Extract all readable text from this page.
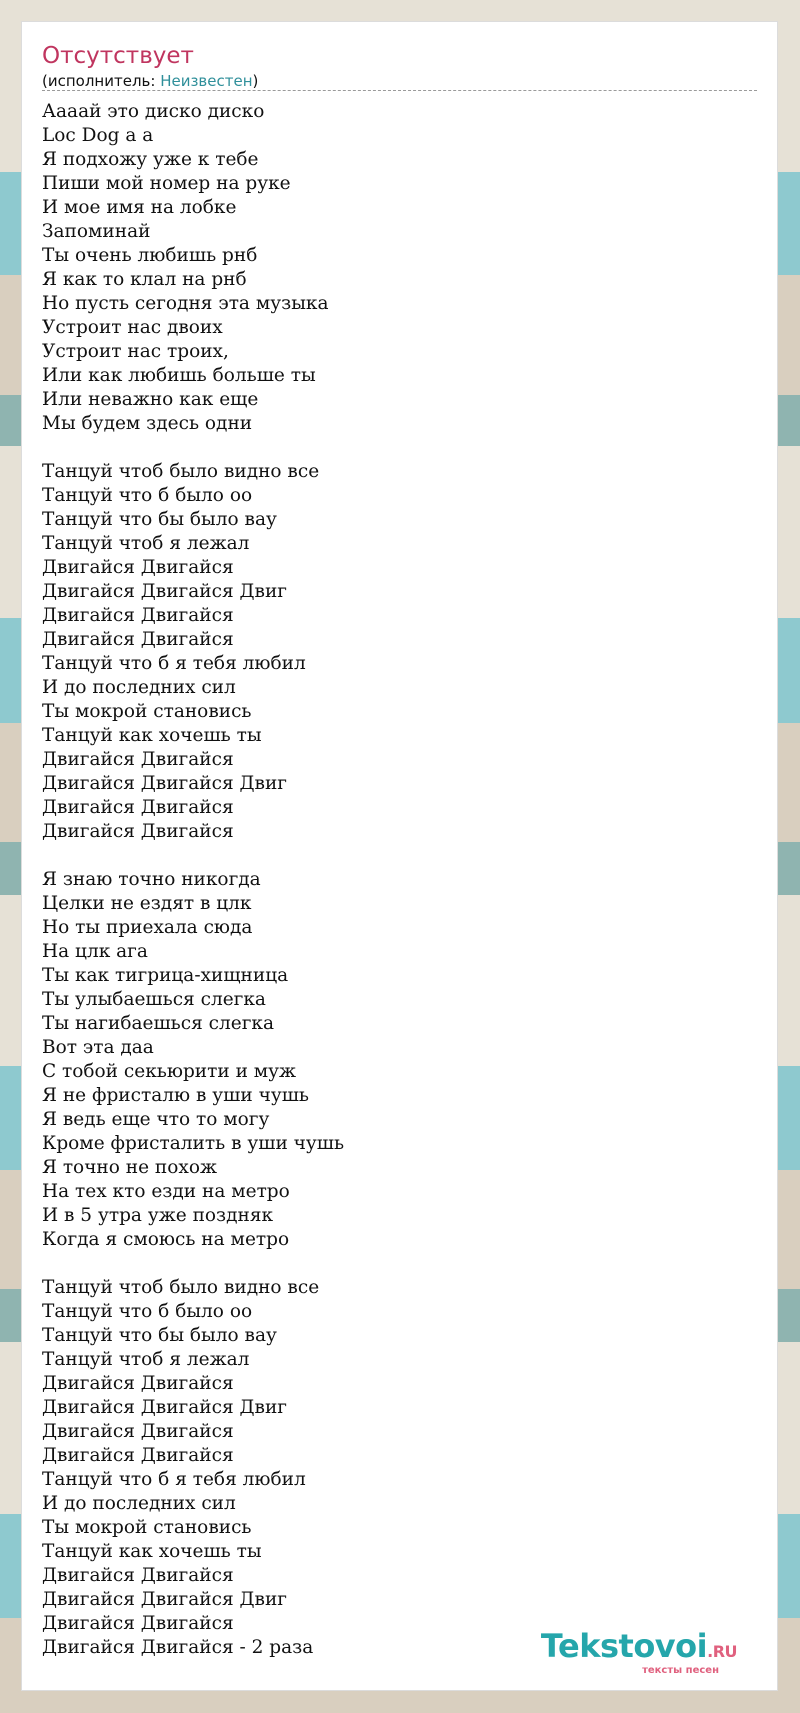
Отсутствует
(исполнитель: Неизвестен)
Аааай это диско диско
Loc Dog a a
Я подхожу уже к тебе
Пиши мой номер на руке
И мое имя на лобке
Запоминай
Ты очень любишь рнб
Я как то клал на рнб
Но пусть сегодня эта музыка
Устроит нас двоих
Устроит нас троих,
Или как любишь больше ты
Или неважно как еще
Мы будем здесь одни
Танцуй чтоб было видно все
Танцуй что б было оо
Танцуй что бы было вау
Танцуй чтоб я лежал
Двигайся Двигайся
Двигайся Двигайся Двиг
Двигайся Двигайся
Двигайся Двигайся
Танцуй что б я тебя любил
И до последних сил
Ты мокрой становись
Танцуй как хочешь ты
Двигайся Двигайся
Двигайся Двигайся Двиг
Двигайся Двигайся
Двигайся Двигайся
Я знаю точно никогда
Целки не ездят в цлк
Но ты приехала сюда
На цлк ага
Ты как тигрица-хищница
Ты улыбаешься слегка
Ты нагибаешься слегка
Вот эта даа
С тобой секьюрити и муж
Я не фристалю в уши чушь
Я ведь еще что то могу
Кроме фристалить в уши чушь
Я точно не похож
На тех кто езди на метро
И в 5 утра уже поздняк
Когда я смоюсь на метро
Танцуй чтоб было видно все
Танцуй что б было оо
Танцуй что бы было вау
Танцуй чтоб я лежал
Двигайся Двигайся
Двигайся Двигайся Двиг
Двигайся Двигайся
Двигайся Двигайся
Танцуй что б я тебя любил
И до последних сил
Ты мокрой становись
Танцуй как хочешь ты
Двигайся Двигайся
Двигайся Двигайся Двиг
Двигайся Двигайся
Двигайся Двигайся - 2 раза	Tekstovoi.RU
тексты песен
